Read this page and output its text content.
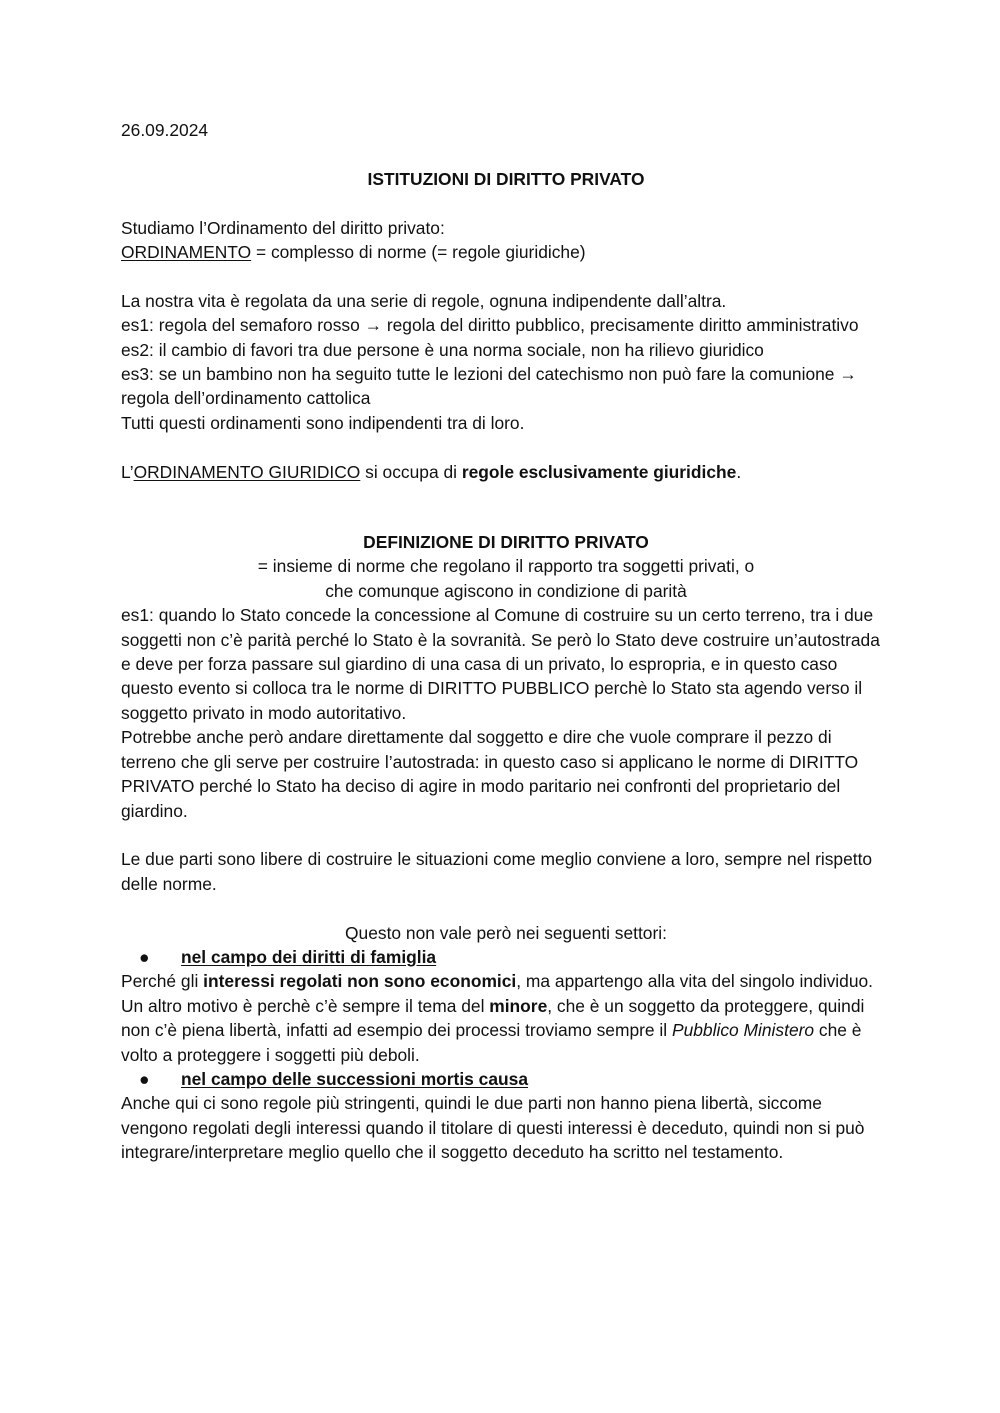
26.09.2024

ISTITUZIONI DI DIRITTO PRIVATO

Studiamo l’Ordinamento del diritto privato:

ORDINAMENTO = complesso di norme (= regole giuridiche)

La nostra vita è regolata da una serie di regole, ognuna indipendente dall’altra.

es1: regola del semaforo rosso → regola del diritto pubblico, precisamente diritto amministrativo

es2: il cambio di favori tra due persone è una norma sociale, non ha rilievo giuridico

es3: se un bambino non ha seguito tutte le lezioni del catechismo non può fare la comunione → regola dell’ordinamento cattolica

Tutti questi ordinamenti sono indipendenti tra di loro.

L’ORDINAMENTO GIURIDICO si occupa di regole esclusivamente giuridiche.

DEFINIZIONE DI DIRITTO PRIVATO

= insieme di norme che regolano il rapporto tra soggetti privati, o

che comunque agiscono in condizione di parità

es1: quando lo Stato concede la concessione al Comune di costruire su un certo terreno, tra i due soggetti non c’è parità perché lo Stato è la sovranità. Se però lo Stato deve costruire un’autostrada e deve per forza passare sul giardino di una casa di un privato, lo espropria, e in questo caso questo evento si colloca tra le norme di DIRITTO PUBBLICO perchè lo Stato sta agendo verso il soggetto privato in modo autoritativo.

Potrebbe anche però andare direttamente dal soggetto e dire che vuole comprare il pezzo di terreno che gli serve per costruire l’autostrada: in questo caso si applicano le norme di DIRITTO PRIVATO perché lo Stato ha deciso di agire in modo paritario nei confronti del proprietario del giardino.

Le due parti sono libere di costruire le situazioni come meglio conviene a loro, sempre nel rispetto delle norme.

Questo non vale però nei seguenti settori:

● nel campo dei diritti di famiglia

Perché gli interessi regolati non sono economici, ma appartengo alla vita del singolo individuo.

Un altro motivo è perchè c’è sempre il tema del minore, che è un soggetto da proteggere, quindi non c’è piena libertà, infatti ad esempio dei processi troviamo sempre il Pubblico Ministero che è volto a proteggere i soggetti più deboli.

● nel campo delle successioni mortis causa

Anche qui ci sono regole più stringenti, quindi le due parti non hanno piena libertà, siccome vengono regolati degli interessi quando il titolare di questi interessi è deceduto, quindi non si può integrare/interpretare meglio quello che il soggetto deceduto ha scritto nel testamento.
